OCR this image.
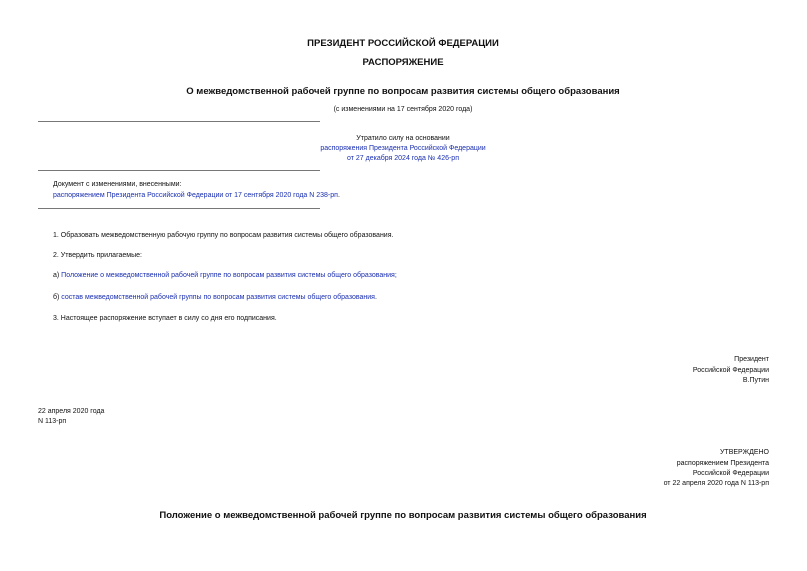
ПРЕЗИДЕНТ РОССИЙСКОЙ ФЕДЕРАЦИИ
РАСПОРЯЖЕНИЕ
О межведомственной рабочей группе по вопросам развития системы общего образования
(с изменениями на 17 сентября 2020 года)
Утратило силу на основании
распоряжения Президента Российской Федерации
от 27 декабря 2024 года № 426-рп
Документ с изменениями, внесенными:
распоряжением Президента Российской Федерации от 17 сентября 2020 года N 238-рп.
1. Образовать межведомственную рабочую группу по вопросам развития системы общего образования.
2. Утвердить прилагаемые:
а) Положение о межведомственной рабочей группе по вопросам развития системы общего образования;
б) состав межведомственной рабочей группы по вопросам развития системы общего образования.
3. Настоящее распоряжение вступает в силу со дня его подписания.
Президент
Российской Федерации
В.Путин
22 апреля 2020 года
N 113-рп
УТВЕРЖДЕНО
распоряжением Президента
Российской Федерации
от 22 апреля 2020 года N 113-рп
Положение о межведомственной рабочей группе по вопросам развития системы общего образования
